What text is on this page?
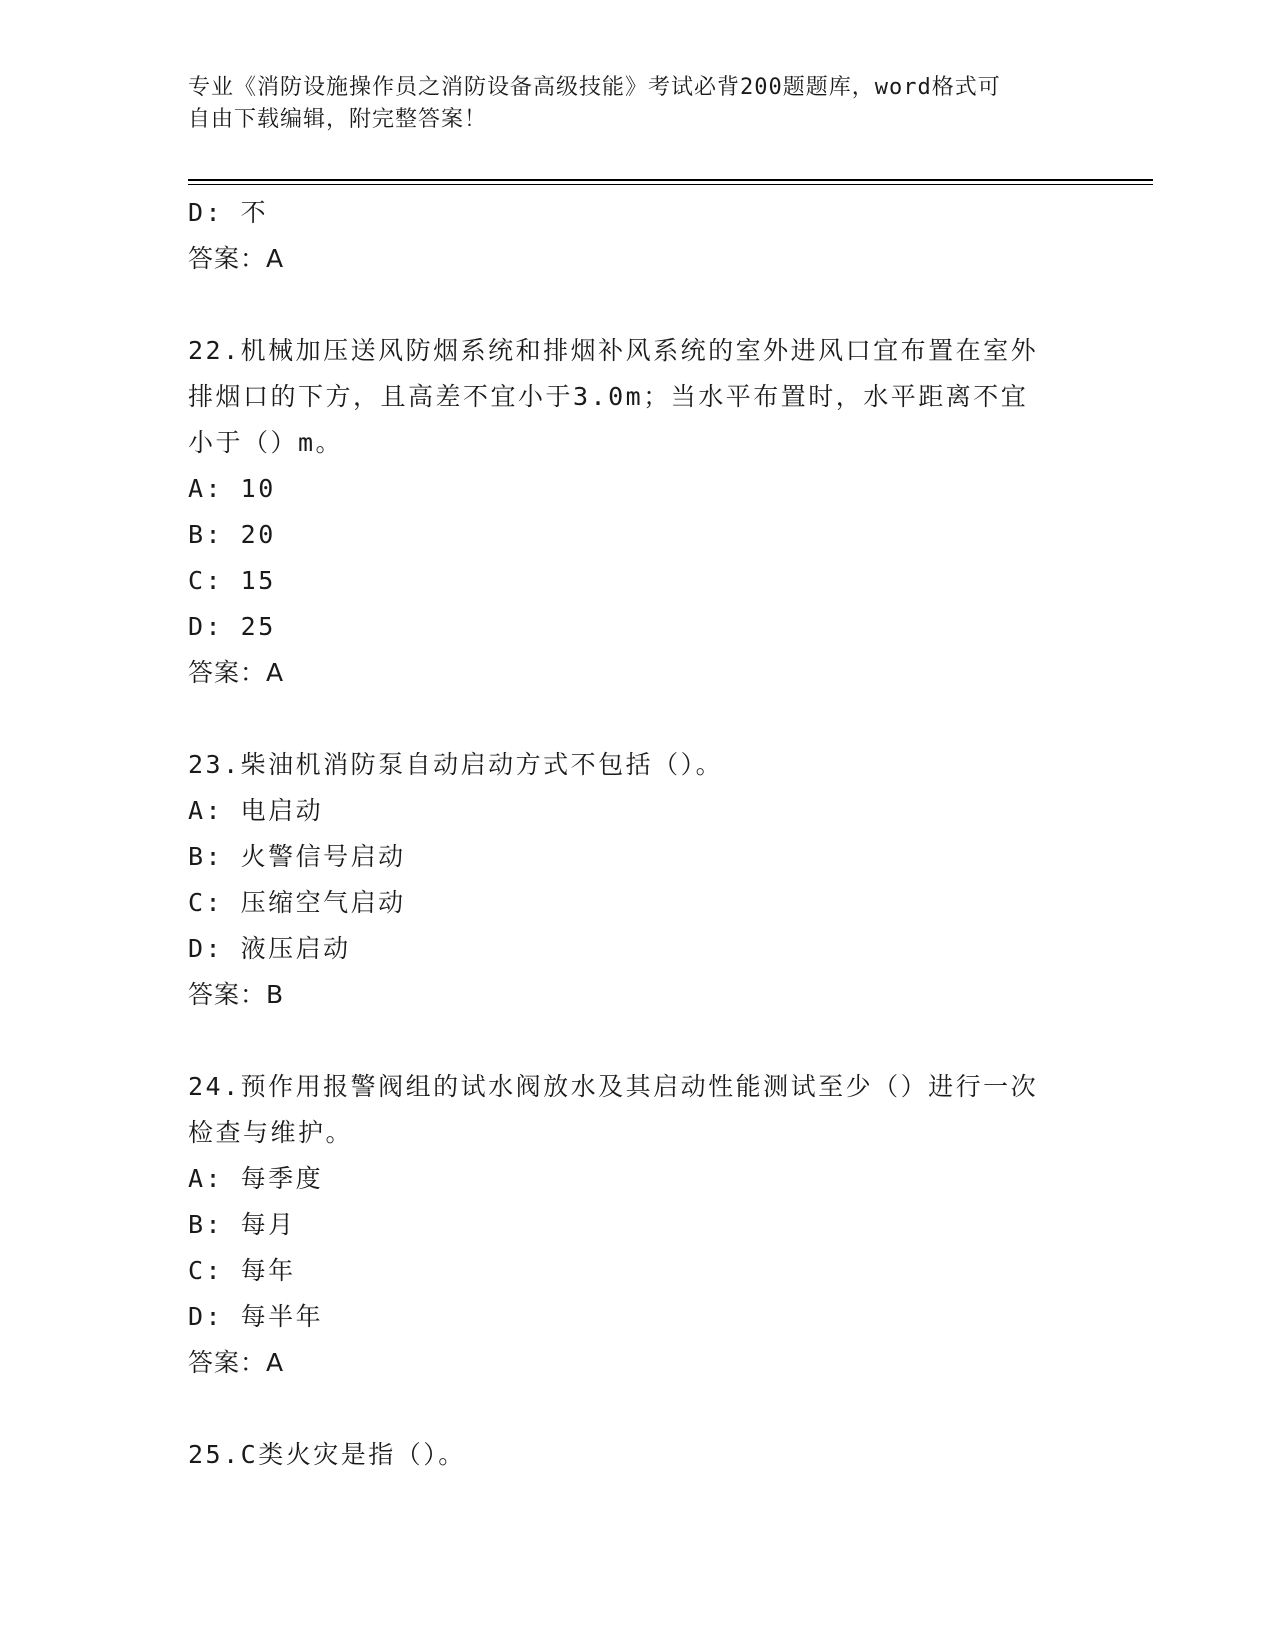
专业《消防设施操作员之消防设备高级技能》考试必背200题题库，word格式可
自由下载编辑，附完整答案！
D: 不
答案：A
22.机械加压送风防烟系统和排烟补风系统的室外进风口宜布置在室外
排烟口的下方，且高差不宜小于3.0m；当水平布置时，水平距离不宜
小于（）m。
A: 10
B: 20
C: 15
D: 25
答案：A
23.柴油机消防泵自动启动方式不包括（）。
A: 电启动
B: 火警信号启动
C: 压缩空气启动
D: 液压启动
答案：B
24.预作用报警阀组的试水阀放水及其启动性能测试至少（）进行一次
检查与维护。
A: 每季度
B: 每月
C: 每年
D: 每半年
答案：A
25.C类火灾是指（）。
